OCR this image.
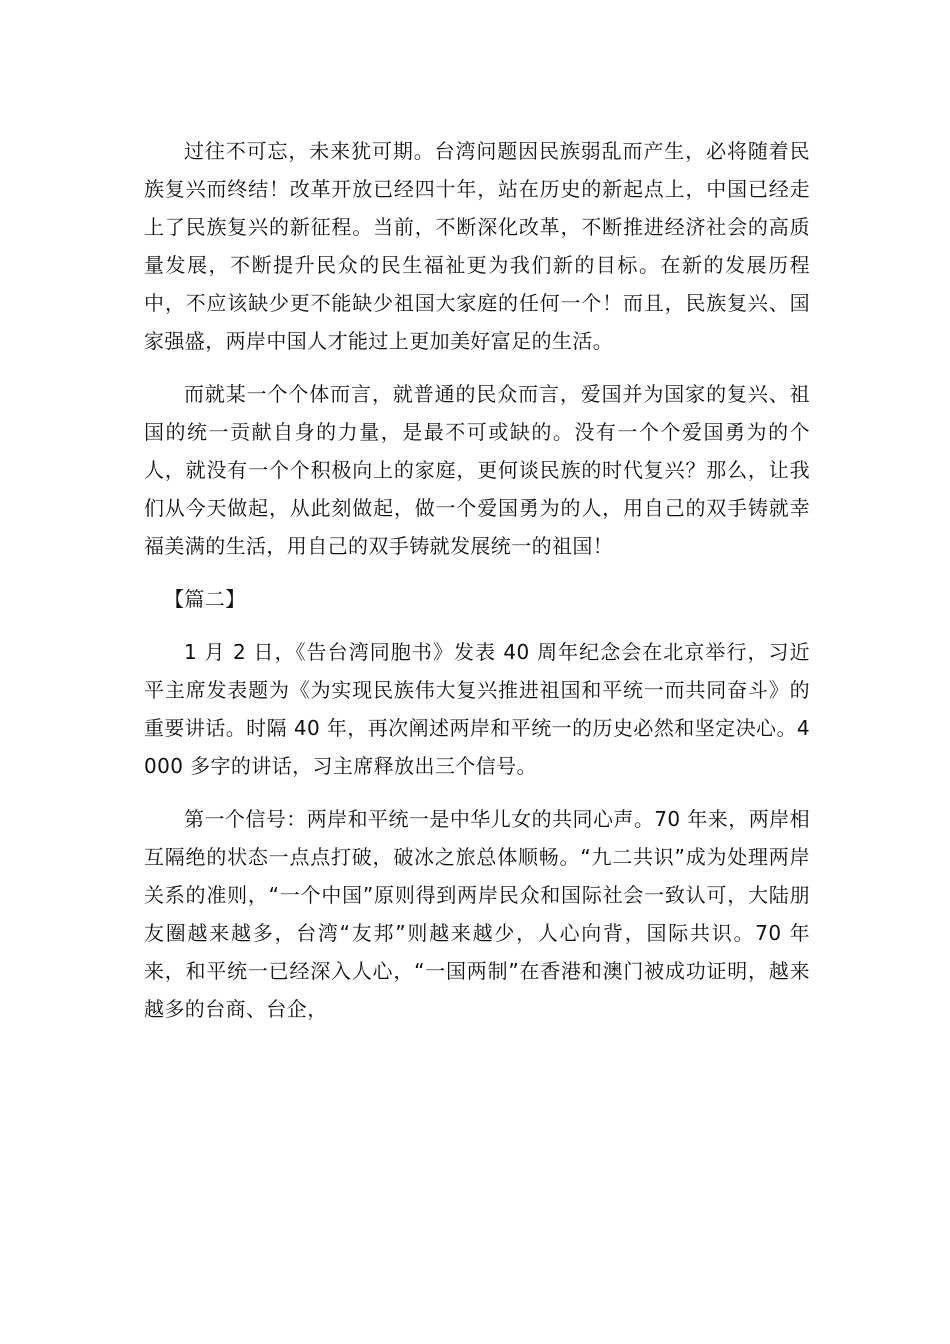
过往不可忘，未来犹可期。台湾问题因民族弱乱而产生，必将随着民族复兴而终结！改革开放已经四十年，站在历史的新起点上，中国已经走上了民族复兴的新征程。当前，不断深化改革，不断推进经济社会的高质量发展，不断提升民众的民生福祉更为我们新的目标。在新的发展历程中，不应该缺少更不能缺少祖国大家庭的任何一个！而且，民族复兴、国家强盛，两岸中国人才能过上更加美好富足的生活。

而就某一个个体而言，就普通的民众而言，爱国并为国家的复兴、祖国的统一贡献自身的力量，是最不可或缺的。没有一个个爱国勇为的个人，就没有一个个积极向上的家庭，更何谈民族的时代复兴？那么，让我们从今天做起，从此刻做起，做一个爱国勇为的人，用自己的双手铸就幸福美满的生活，用自己的双手铸就发展统一的祖国！

【篇二】

1 月 2 日，《告台湾同胞书》发表 40 周年纪念会在北京举行，习近平主席发表题为《为实现民族伟大复兴推进祖国和平统一而共同奋斗》的重要讲话。时隔 40 年，再次阐述两岸和平统一的历史必然和坚定决心。4000 多字的讲话，习主席释放出三个信号。

第一个信号：两岸和平统一是中华儿女的共同心声。70 年来，两岸相互隔绝的状态一点点打破，破冰之旅总体顺畅。“九二共识”成为处理两岸关系的准则，“一个中国”原则得到两岸民众和国际社会一致认可，大陆朋友圈越来越多，台湾“友邦”则越来越少，人心向背，国际共识。70 年来，和平统一已经深入人心，“一国两制”在香港和澳门被成功证明，越来越多的台商、台企，
